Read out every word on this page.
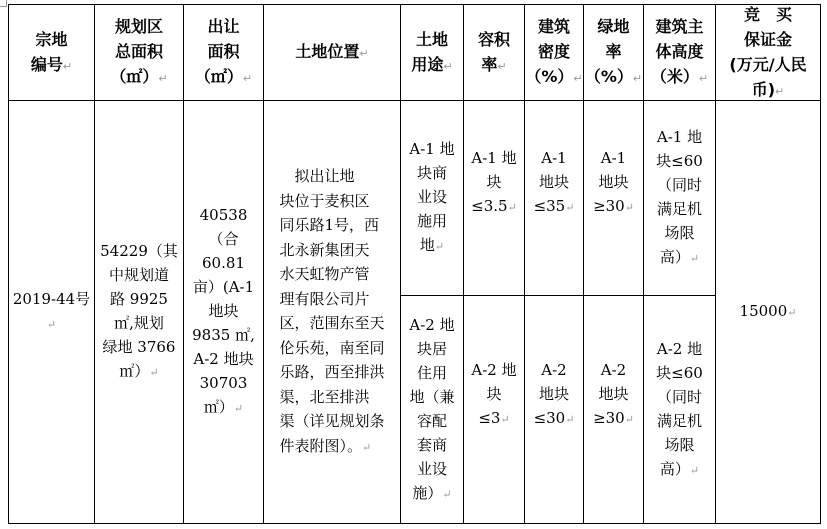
宗地
编号 ↵
规划区
总面积
（㎡） ↵
出让
面积
（㎡） ↵
土地位置 ↵
土地
用途 ↵
容积
率 ↵
建筑
密度
（%） ↵
绿地
率
（%） ↵
建筑主
体高度
（米） ↵
竞　买
保证金
(万元/人民币) ↵
2019-44号 ↵
54229（其
中规划道
路 9925
㎡,规划
绿地 3766
㎡） ↵
40538
（合
60.81
亩）(A-1
地块
9835 ㎡,
A-2 地块
30703
㎡） ↵
　拟出让地
块位于麦积区
同乐路1号，西
北永新集团天
水天虹物产管
理有限公司片
区，范围东至天
伦乐苑，南至同
乐路，西至排洪
渠，北至排洪
渠（详见规划条
件表附图）。 ↵
A-1 地
块商
业设
施用
地 ↵
A-1 地
块
≤3.5 ↵
A-1
地块
≤35 ↵
A-1
地块
≥30 ↵
A-1 地
块≤60
（同时
满足机
场限
高） ↵
A-2 地
块居
住用
地（兼
容配
套商
业设
施） ↵
A-2 地
块
≤3 ↵
A-2
地块
≤30 ↵
A-2
地块
≥30 ↵
A-2 地
块≤60
（同时
满足机
场限
高） ↵
15000 ↵
